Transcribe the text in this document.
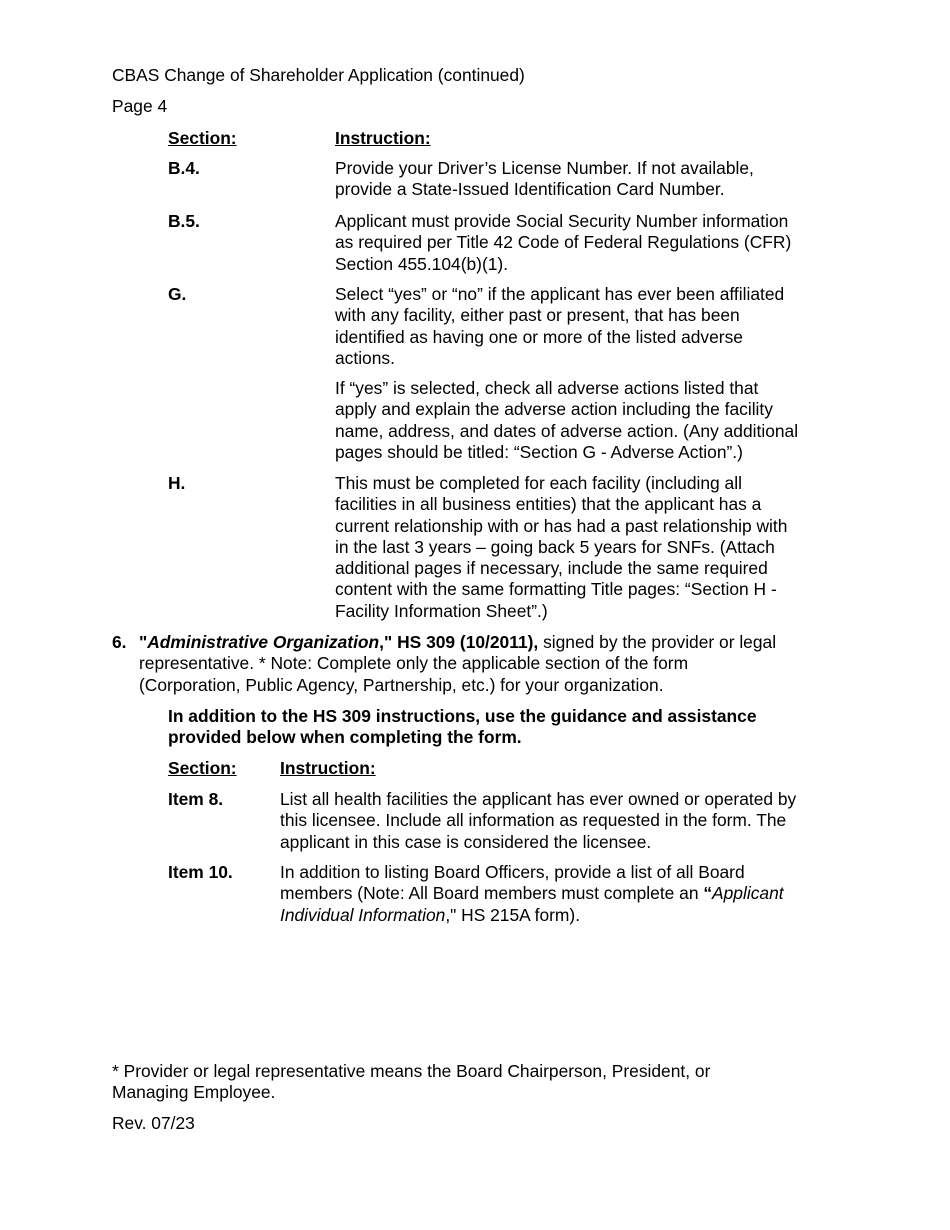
CBAS Change of Shareholder Application (continued)
Page 4
Section:	Instruction:
B.4.	Provide your Driver’s License Number. If not available,
provide a State-Issued Identification Card Number.
B.5.	Applicant must provide Social Security Number information
as required per Title 42 Code of Federal Regulations (CFR)
Section 455.104(b)(1).
G.	Select “yes” or “no” if the applicant has ever been affiliated
with any facility, either past or present, that has been
identified as having one or more of the listed adverse
actions.
If “yes” is selected, check all adverse actions listed that
apply and explain the adverse action including the facility
name, address, and dates of adverse action. (Any additional
pages should be titled: “Section G - Adverse Action”.)
H.	This must be completed for each facility (including all
facilities in all business entities) that the applicant has a
current relationship with or has had a past relationship with
in the last 3 years – going back 5 years for SNFs. (Attach
additional pages if necessary, include the same required
content with the same formatting Title pages: “Section H -
Facility Information Sheet”.)
6. "Administrative Organization," HS 309 (10/2011), signed by the provider or legal
representative. * Note: Complete only the applicable section of the form
(Corporation, Public Agency, Partnership, etc.) for your organization.
In addition to the HS 309 instructions, use the guidance and assistance
provided below when completing the form.
Section: Instruction:
Item 8.	List all health facilities the applicant has ever owned or operated by
this licensee. Include all information as requested in the form. The
applicant in this case is considered the licensee.
Item 10.	In addition to listing Board Officers, provide a list of all Board
members (Note: All Board members must complete an “Applicant
Individual Information," HS 215A form).
* Provider or legal representative means the Board Chairperson, President, or
Managing Employee.
Rev. 07/23
